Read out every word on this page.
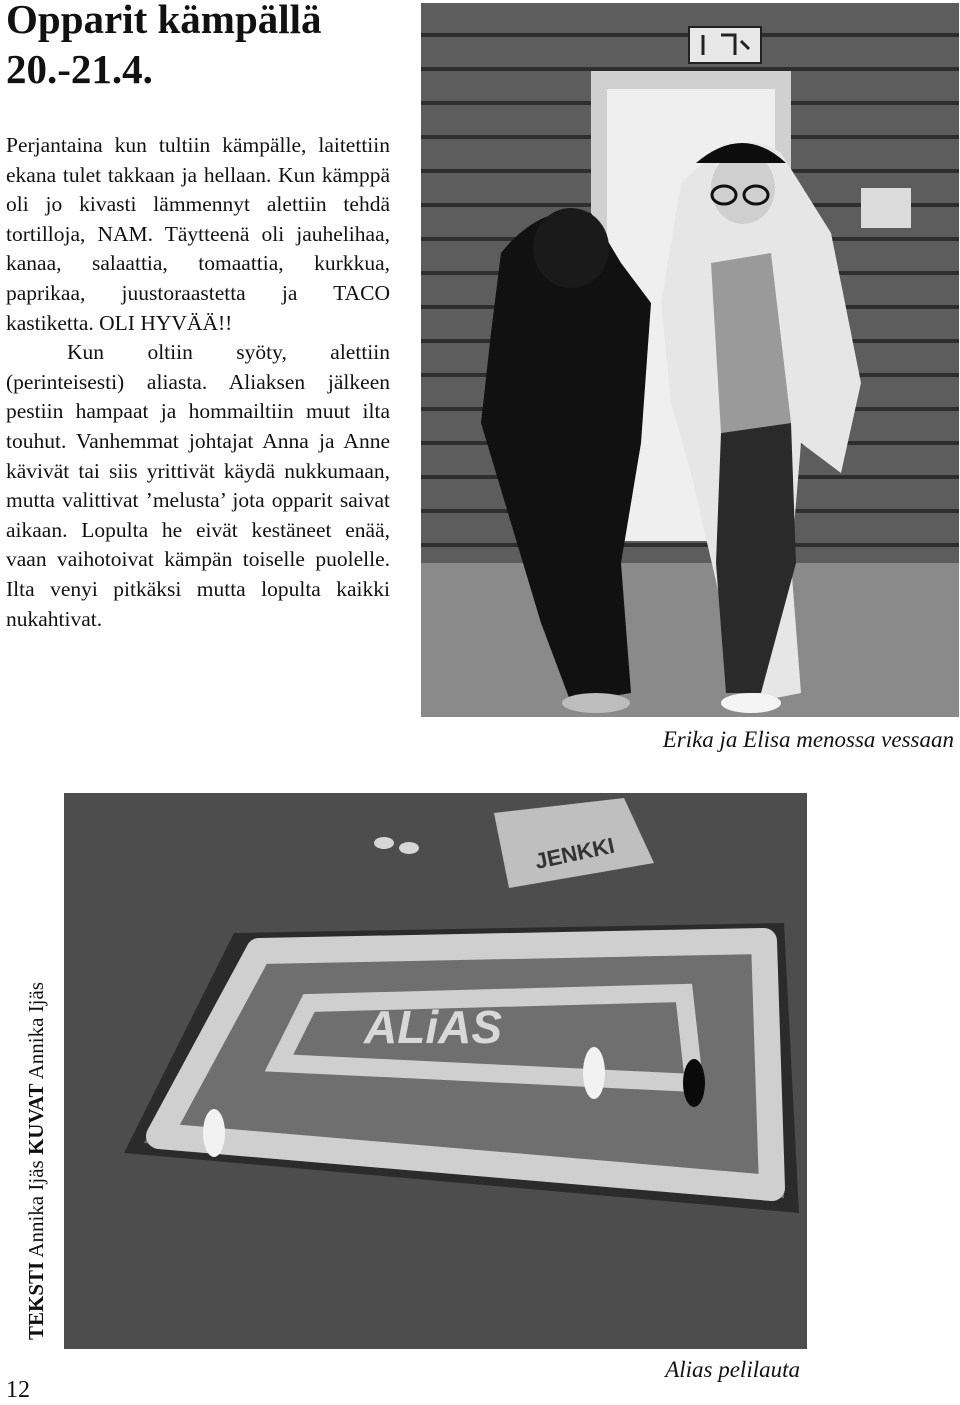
Opparit kämpällä
20.-21.4.

Perjantaina kun tultiin kämpälle, laitettiin ekana tulet takkaan ja hellaan. Kun kämppä oli jo kivasti lämmennyt alettiin tehdä tortilloja, NAM. Täytteenä oli jauhelihaa, kanaa, salaattia, tomaattia, kurkkua, paprikaa, juustoraastetta ja TACO kastiketta. OLI HYVÄÄ!!

Kun oltiin syöty, alettiin (perinteisesti) aliasta. Aliaksen jälkeen pestiin hampaat ja hommailtiin muut ilta touhut. Vanhemmat johtajat Anna ja Anne kävivät tai siis yrittivät käydä nukkumaan, mutta valittivat ’melusta’ jota opparit saivat aikaan. Lopulta he eivät kestäneet enää, vaan vaihotoivat kämpän toiselle puolelle. Ilta venyi pitkäksi mutta lopulta kaikki nukahtivat.

Erika ja Elisa menossa vessaan
JENKKI
ALiAS
Alias pelilauta
TEKSTI Annika Ijäs KUVAT Annika Ijäs
12
